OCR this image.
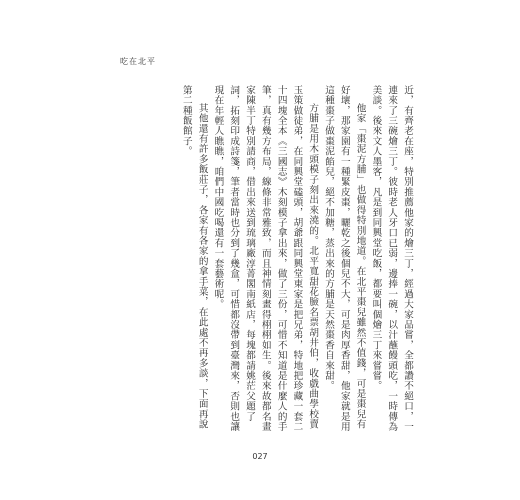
吃在北平

近，有齊老在座，特別推薦他家的燴三丁，經過大家品嘗，全都讚不絕口，一連來了三碗燴三丁。彼時老人牙口已弱，邊捧一碗，以汁蘸饅頭吃，一時傳為美談。後來文人墨客，凡是到同興堂吃飯，都要叫個燴三丁來嘗嘗。

他家「棗泥方脯」也做得特別地道。在北平棗兒雖然不值錢，可是棗兒有好壞，那家園有一種緊皮棗，曬乾之後個兒不大，可是肉厚香甜，他家就是用這種棗子做棗泥餡兒，絕不加糖，蒸出來的方脯是天然棗香自來甜。

方脯是用木頭模子刻出來澆的。北平寬甜花臉名票胡井伯，收戲曲學校賣玉策做徒弟，在同興堂磕頭，胡爺跟同興堂東家是把兄弟，特地把珍藏一套二十四塊全本《三國志》木刻模子拿出來，做了三份，可惜不知道是什麼人的手筆，真有幾方布局，線條非常雅致，而且神情刻畫得栩栩如生。後來故都名畫家陳半丁特別請商，借出來送到琉璃廠淳菁閣南紙店，每塊都請姚茫父題了詞，拓刻印成詩箋，筆者當時也分到了幾盒，可惜都沒帶到臺灣來，否則也讓現在年輕人瞧瞧，咱們中國吃喝還有一套藝術呢。

其他還有許多飯莊子，各家有各家的拿手菜，在此處不再多談，下面再說第二種飯館子。

027
